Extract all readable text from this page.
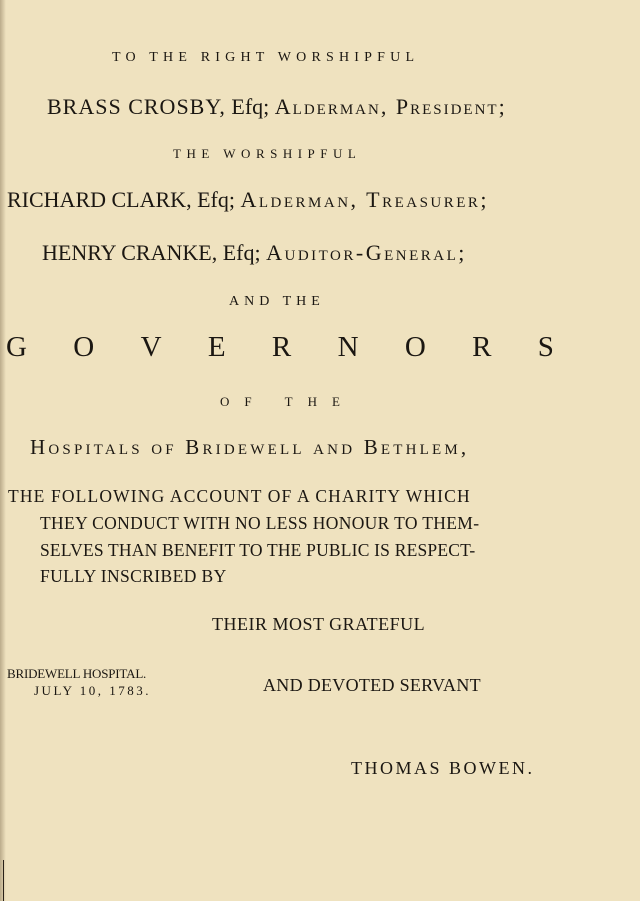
TO THE RIGHT WORSHIPFUL
BRASS CROSBY, Efq; Alderman, President;
THE WORSHIPFUL
RICHARD CLARK, Efq; Alderman, Treasurer;
HENRY CRANKE, Efq; Auditor-General;
AND THE
G O V E R N O R S
OF THE
Hospitals of Bridewell and Bethlem,
THE FOLLOWING ACCOUNT OF A CHARITY WHICH
THEY CONDUCT WITH NO LESS HONOUR TO THEM-
SELVES THAN BENEFIT TO THE PUBLIC IS RESPECT-
FULLY INSCRIBED BY
THEIR MOST GRATEFUL
BRIDEWELL HOSPITAL.
JULY 10, 1783.	AND DEVOTED SERVANT
THOMAS BOWEN.
